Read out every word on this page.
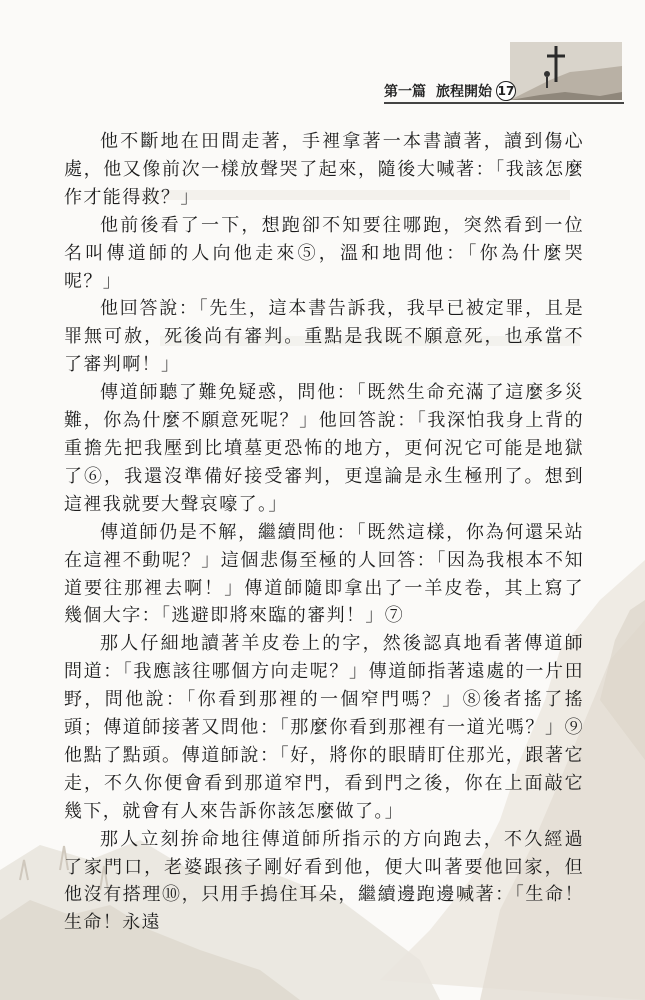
第一篇 旅程開始 17

他不斷地在田間走著，手裡拿著一本書讀著，讀到傷心處，他又像前次一樣放聲哭了起來，隨後大喊著：「我該怎麼作才能得救？」

他前後看了一下，想跑卻不知要往哪跑，突然看到一位名叫傳道師的人向他走來⑤，溫和地問他：「你為什麼哭呢？」

他回答說：「先生，這本書告訴我，我早已被定罪，且是罪無可赦，死後尚有審判。重點是我既不願意死，也承當不了審判啊！」

傳道師聽了難免疑惑，問他：「既然生命充滿了這麼多災難，你為什麼不願意死呢？」他回答說：「我深怕我身上背的重擔先把我壓到比墳墓更恐怖的地方，更何況它可能是地獄了⑥，我還沒準備好接受審判，更遑論是永生極刑了。想到這裡我就要大聲哀嚎了。」

傳道師仍是不解，繼續問他：「既然這樣，你為何還呆站在這裡不動呢？」這個悲傷至極的人回答：「因為我根本不知道要往那裡去啊！」傳道師隨即拿出了一羊皮卷，其上寫了幾個大字：「逃避即將來臨的審判！」⑦

那人仔細地讀著羊皮卷上的字，然後認真地看著傳道師問道：「我應該往哪個方向走呢？」傳道師指著遠處的一片田野，問他說：「你看到那裡的一個窄門嗎？」⑧後者搖了搖頭；傳道師接著又問他：「那麼你看到那裡有一道光嗎？」⑨他點了點頭。傳道師說：「好，將你的眼睛盯住那光，跟著它走，不久你便會看到那道窄門，看到門之後，你在上面敲它幾下，就會有人來告訴你該怎麼做了。」

那人立刻拚命地往傳道師所指示的方向跑去，不久經過了家門口，老婆跟孩子剛好看到他，便大叫著要他回家，但他沒有搭理⑩，只用手摀住耳朵，繼續邊跑邊喊著：「生命！生命！永遠
